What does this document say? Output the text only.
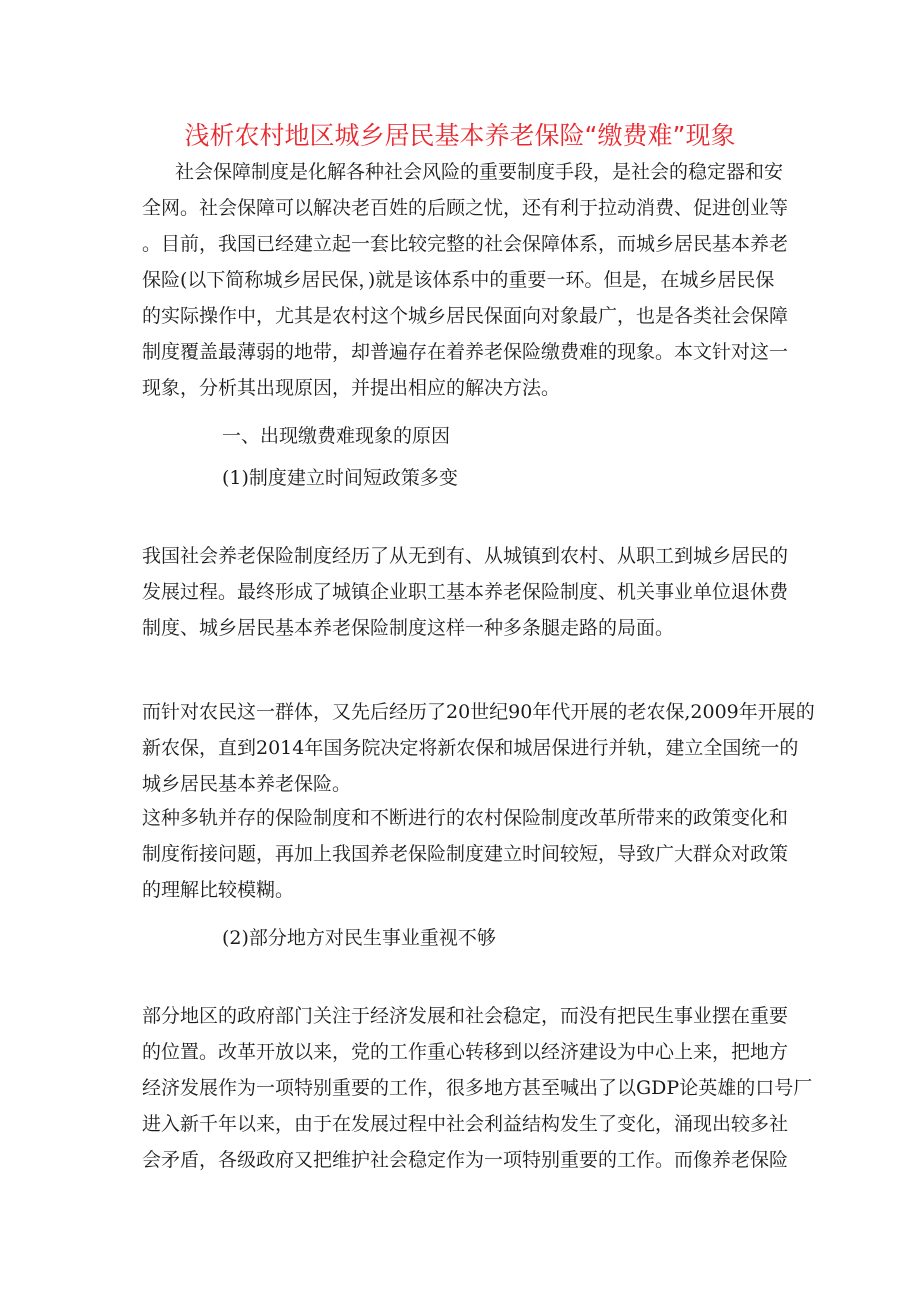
浅析农村地区城乡居民基本养老保险“缴费难”现象
社会保障制度是化解各种社会风险的重要制度手段，是社会的稳定器和安
全网。社会保障可以解决老百姓的后顾之忧，还有利于拉动消费、促进创业等
。目前，我国已经建立起一套比较完整的社会保障体系，而城乡居民基本养老
保险(以下简称城乡居民保，)就是该体系中的重要一环。但是，在城乡居民保
的实际操作中，尤其是农村这个城乡居民保面向对象最广，也是各类社会保障
制度覆盖最薄弱的地带，却普遍存在着养老保险缴费难的现象。本文针对这一
现象，分析其出现原因，并提出相应的解决方法。
一、出现缴费难现象的原因
(1)制度建立时间短政策多变
我国社会养老保险制度经历了从无到有、从城镇到农村、从职工到城乡居民的
发展过程。最终形成了城镇企业职工基本养老保险制度、机关事业单位退休费
制度、城乡居民基本养老保险制度这样一种多条腿走路的局面。
而针对农民这一群体，又先后经历了20世纪90年代开展的老农保,2009年开展的
新农保，直到2014年国务院决定将新农保和城居保进行并轨，建立全国统一的
城乡居民基本养老保险。
这种多轨并存的保险制度和不断进行的农村保险制度改革所带来的政策变化和
制度衔接问题，再加上我国养老保险制度建立时间较短，导致广大群众对政策
的理解比较模糊。
(2)部分地方对民生事业重视不够
部分地区的政府部门关注于经济发展和社会稳定，而没有把民生事业摆在重要
的位置。改革开放以来，党的工作重心转移到以经济建设为中心上来，把地方
经济发展作为一项特别重要的工作，很多地方甚至喊出了以GDP论英雄的口号厂
进入新千年以来，由于在发展过程中社会利益结构发生了变化，涌现出较多社
会矛盾，各级政府又把维护社会稳定作为一项特别重要的工作。而像养老保险
